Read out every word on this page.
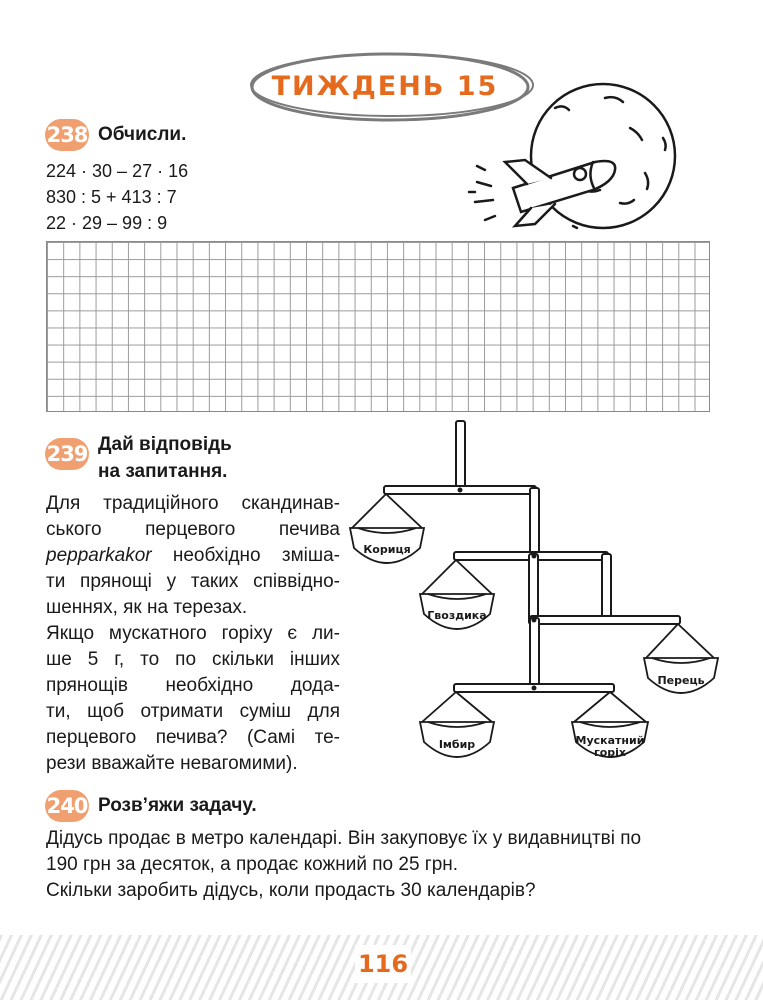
ТИЖДЕНЬ 15
238 Обчисли.
224 · 30 – 27 · 16
830 : 5 + 413 : 7
22 · 29 – 99 : 9
239 Дай відповідь
на запитання.
Для традиційного скандинав-
ського перцевого печива
pepparkakor необхідно зміша-
ти прянощі у таких співвідно-
шеннях, як на терезах.
Якщо мускатного горіху є ли-
ше 5 г, то по скільки інших
прянощів необхідно дода-
ти, щоб отримати суміш для
перцевого печива? (Самі те-
рези вважайте невагомими).
Кориця
Гвоздика
Перець
Імбир	Мускатний
горіх
240 Розв’яжи задачу.
Дідусь продає в метро календарі. Він закуповує їх у видавництві по
190 грн за десяток, а продає кожний по 25 грн.
Скільки заробить дідусь, коли продасть 30 календарів?
116
